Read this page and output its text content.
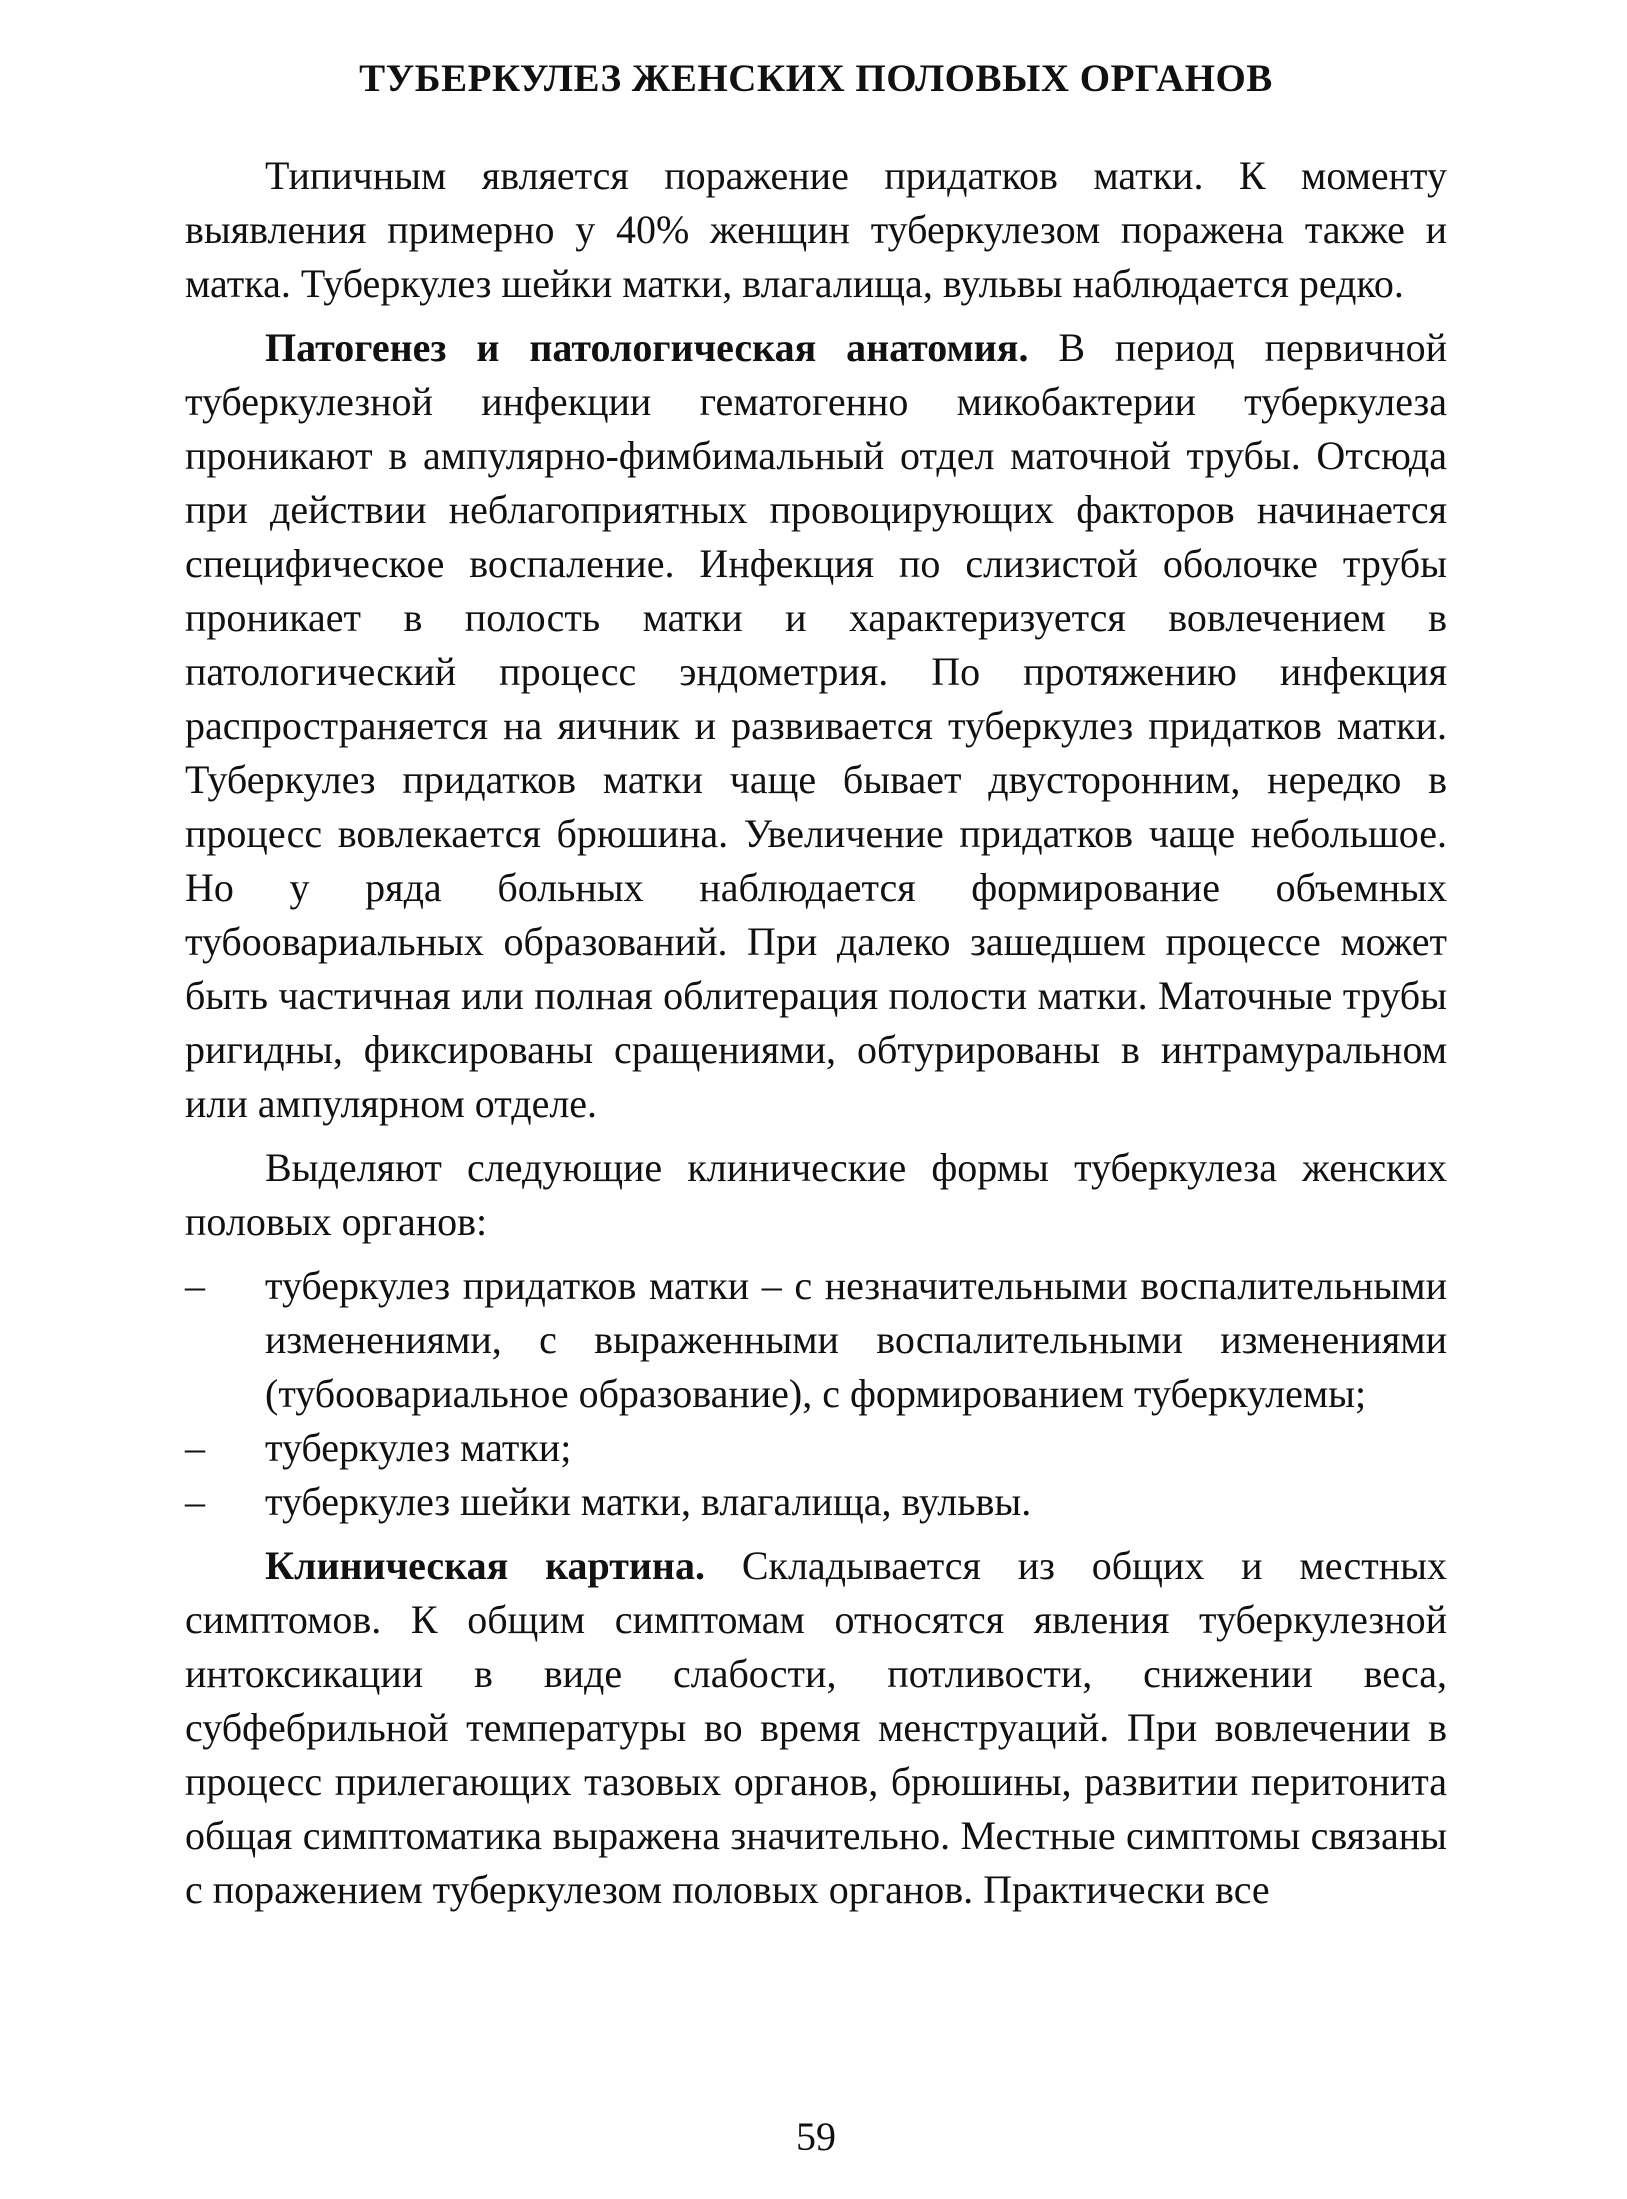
ТУБЕРКУЛЕЗ ЖЕНСКИХ ПОЛОВЫХ ОРГАНОВ

Типичным является поражение придатков матки. К моменту выявления примерно у 40% женщин туберкулезом поражена также и матка. Туберкулез шейки матки, влагалища, вульвы наблюдается редко.

Патогенез и патологическая анатомия. В период первичной туберкулезной инфекции гематогенно микобактерии туберкулеза проникают в ампулярно-фимбимальный отдел маточной трубы. Отсюда при действии неблагоприятных провоцирующих факторов начинается специфическое воспаление. Инфекция по слизистой оболочке трубы проникает в полость матки и характеризуется вовлечением в патологический процесс эндометрия. По протяжению инфекция распространяется на яичник и развивается туберкулез придатков матки. Туберкулез придатков матки чаще бывает двусторонним, нередко в процесс вовлекается брюшина. Увеличение придатков чаще небольшое. Но у ряда больных наблюдается формирование объемных тубоовариальных образований. При далеко зашедшем процессе может быть частичная или полная облитерация полости матки. Маточные трубы ригидны, фиксированы сращениями, обтурированы в интрамуральном или ампулярном отделе.

Выделяют следующие клинические формы туберкулеза женских половых органов:

–	туберкулез придатков матки – с незначительными воспалительными изменениями, с выраженными воспалительными изменениями (тубоовариальное образование), с формированием туберкулемы;
–	туберкулез матки;
–	туберкулез шейки матки, влагалища, вульвы.

Клиническая картина. Складывается из общих и местных симптомов. К общим симптомам относятся явления туберкулезной интоксикации в виде слабости, потливости, снижении веса, субфебрильной температуры во время менструаций. При вовлечении в процесс прилегающих тазовых органов, брюшины, развитии перитонита общая симптоматика выражена значительно. Местные симптомы связаны с поражением туберкулезом половых органов. Практически все

59
